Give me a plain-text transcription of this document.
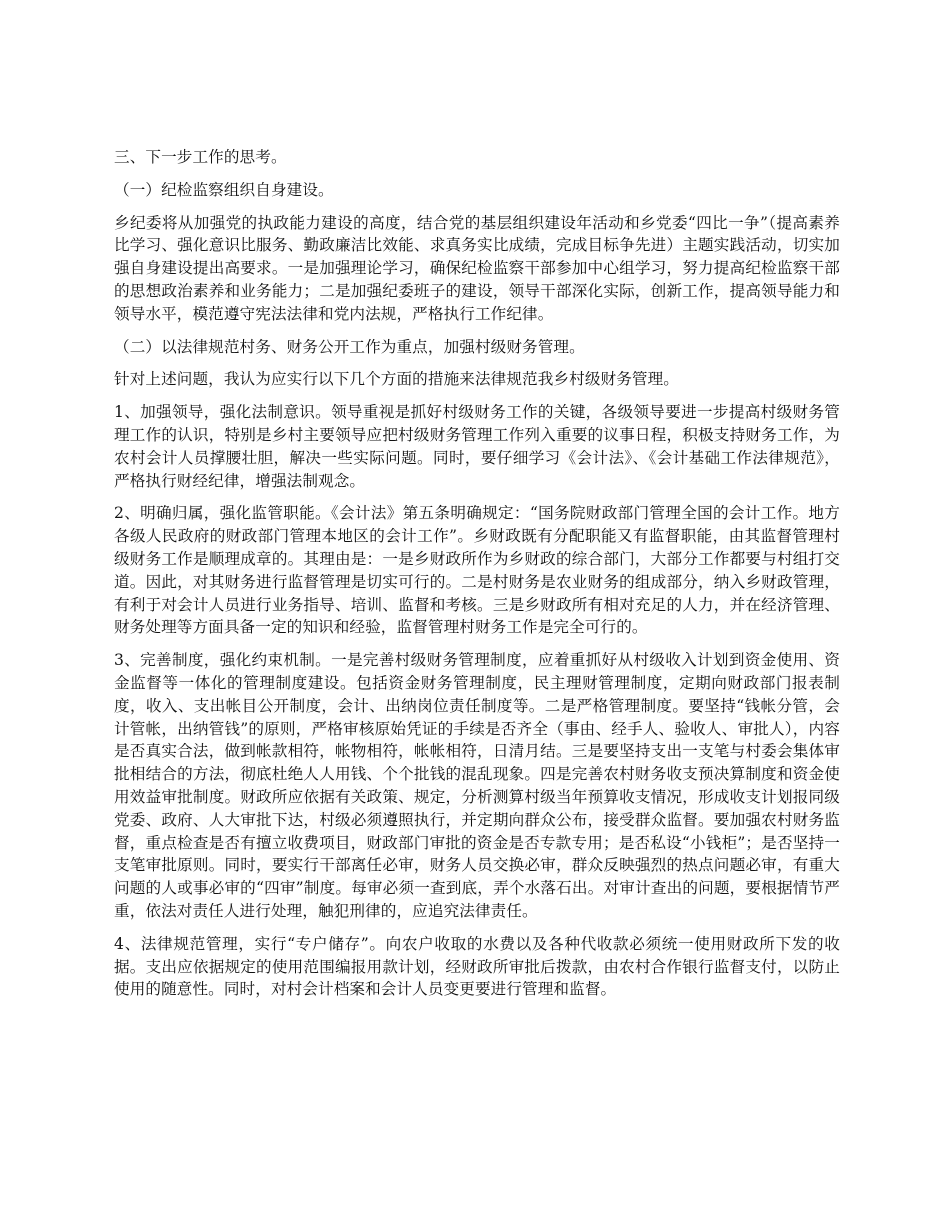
三、下一步工作的思考。

（一）纪检监察组织自身建设。

乡纪委将从加强党的执政能力建设的高度，结合党的基层组织建设年活动和乡党委“四比一争”（提高素养比学习、强化意识比服务、勤政廉洁比效能、求真务实比成绩，完成目标争先进）主题实践活动，切实加强自身建设提出高要求。一是加强理论学习，确保纪检监察干部参加中心组学习，努力提高纪检监察干部的思想政治素养和业务能力；二是加强纪委班子的建设，领导干部深化实际，创新工作，提高领导能力和领导水平，模范遵守宪法法律和党内法规，严格执行工作纪律。

（二）以法律规范村务、财务公开工作为重点，加强村级财务管理。

针对上述问题，我认为应实行以下几个方面的措施来法律规范我乡村级财务管理。

1、加强领导，强化法制意识。领导重视是抓好村级财务工作的关键，各级领导要进一步提高村级财务管理工作的认识，特别是乡村主要领导应把村级财务管理工作列入重要的议事日程，积极支持财务工作，为农村会计人员撑腰壮胆，解决一些实际问题。同时，要仔细学习《会计法》、《会计基础工作法律规范》，严格执行财经纪律，增强法制观念。

2、明确归属，强化监管职能。《会计法》第五条明确规定：“国务院财政部门管理全国的会计工作。地方各级人民政府的财政部门管理本地区的会计工作”。乡财政既有分配职能又有监督职能，由其监督管理村级财务工作是顺理成章的。其理由是：一是乡财政所作为乡财政的综合部门，大部分工作都要与村组打交道。因此，对其财务进行监督管理是切实可行的。二是村财务是农业财务的组成部分，纳入乡财政管理，有利于对会计人员进行业务指导、培训、监督和考核。三是乡财政所有相对充足的人力，并在经济管理、财务处理等方面具备一定的知识和经验，监督管理村财务工作是完全可行的。

3、完善制度，强化约束机制。一是完善村级财务管理制度，应着重抓好从村级收入计划到资金使用、资金监督等一体化的管理制度建设。包括资金财务管理制度，民主理财管理制度，定期向财政部门报表制度，收入、支出帐目公开制度，会计、出纳岗位责任制度等。二是严格管理制度。要坚持“钱帐分管，会计管帐，出纳管钱”的原则，严格审核原始凭证的手续是否齐全（事由、经手人、验收人、审批人），内容是否真实合法，做到帐款相符，帐物相符，帐帐相符，日清月结。三是要坚持支出一支笔与村委会集体审批相结合的方法，彻底杜绝人人用钱、个个批钱的混乱现象。四是完善农村财务收支预决算制度和资金使用效益审批制度。财政所应依据有关政策、规定，分析测算村级当年预算收支情况，形成收支计划报同级党委、政府、人大审批下达，村级必须遵照执行，并定期向群众公布，接受群众监督。要加强农村财务监督，重点检查是否有擅立收费项目，财政部门审批的资金是否专款专用；是否私设“小钱柜”；是否坚持一支笔审批原则。同时，要实行干部离任必审，财务人员交换必审，群众反映强烈的热点问题必审，有重大问题的人或事必审的“四审”制度。每审必须一查到底，弄个水落石出。对审计查出的问题，要根据情节严重，依法对责任人进行处理，触犯刑律的，应追究法律责任。

4、法律规范管理，实行“专户储存”。向农户收取的水费以及各种代收款必须统一使用财政所下发的收据。支出应依据规定的使用范围编报用款计划，经财政所审批后拨款，由农村合作银行监督支付，以防止使用的随意性。同时，对村会计档案和会计人员变更要进行管理和监督。
